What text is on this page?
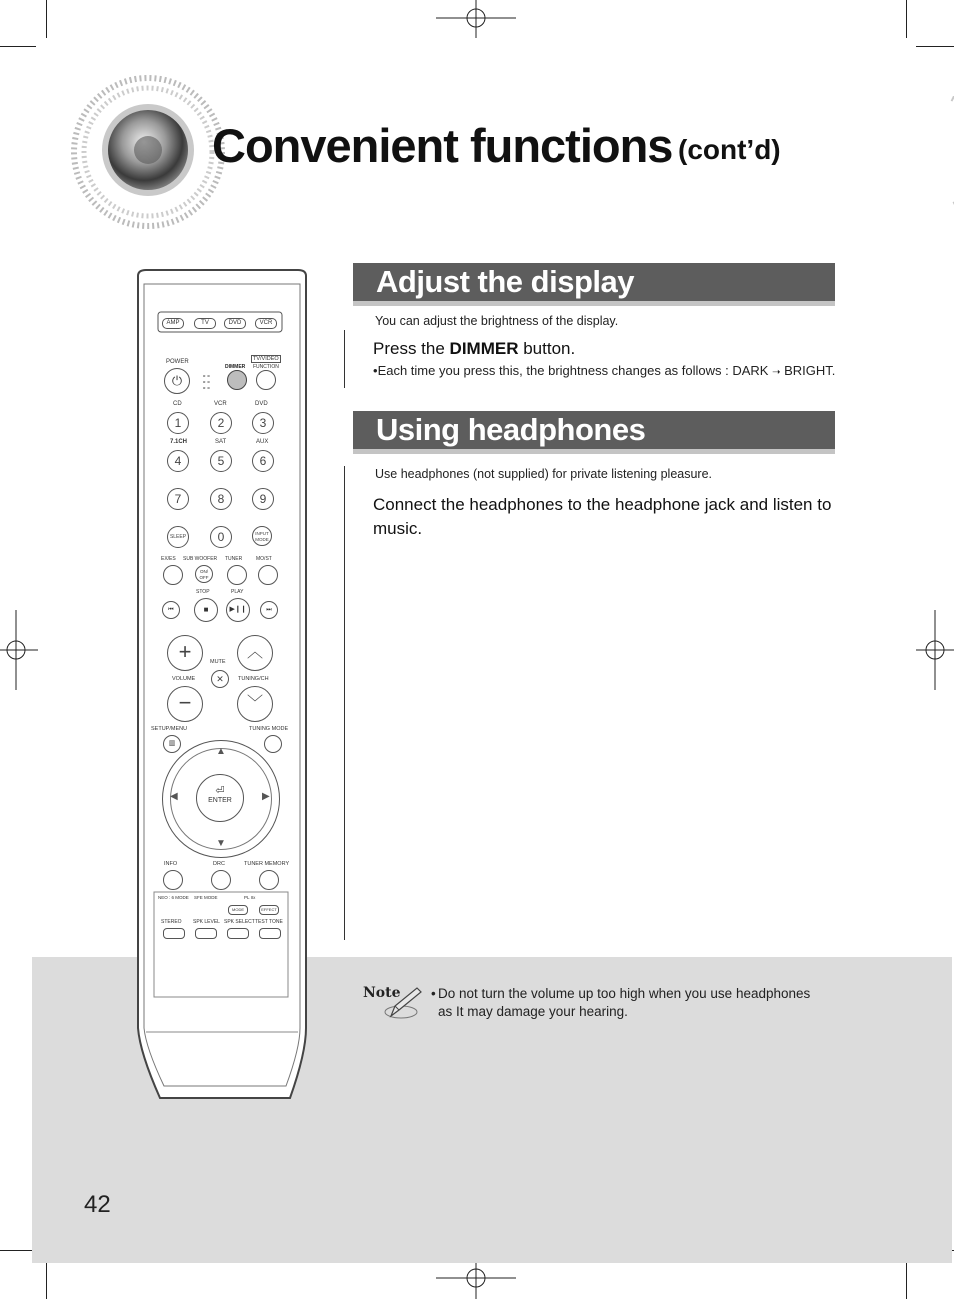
Convenient functions (cont’d)
Adjust the display
You can adjust the brightness of the display.
Press the DIMMER button.
•Each time you press this, the brightness changes as follows : DARK ➝ BRIGHT.
Using headphones
Use headphones (not supplied) for private listening pleasure.
Connect the headphones to the headphone jack and listen to music.
Note • Do not turn the volume up too high when you use headphones as It may damage your hearing.
42
AMP	TV	DVD	VCR
POWER
⏻
DIMMER
TV/VIDEO
FUNCTION
∘∘
∘∘
∘∘
CD	VCR	DVD
1	2	3
7.1CH	SAT	AUX
4	5	6
7	8	9
SLEEP	0	INPUT
MODE
EX/ES SUB WOOFER TUNER	MO/ST
ON/
OFF
STOP	PLAY
⏮	■	▶❙❙	⏭
+	︿
MUTE
✕
VOLUME	TUNING/CH
−	﹀
SETUP/MENU	TUNING MODE
▥
▲
▼
◀	▶
⏎
ENTER
INFO	DRC	TUNER MEMORY
NEO : 6 MODE SFE MODE	PL IIx
MODE	EFFECT
STEREO SPK LEVEL SPK SELECT TEST TONE
